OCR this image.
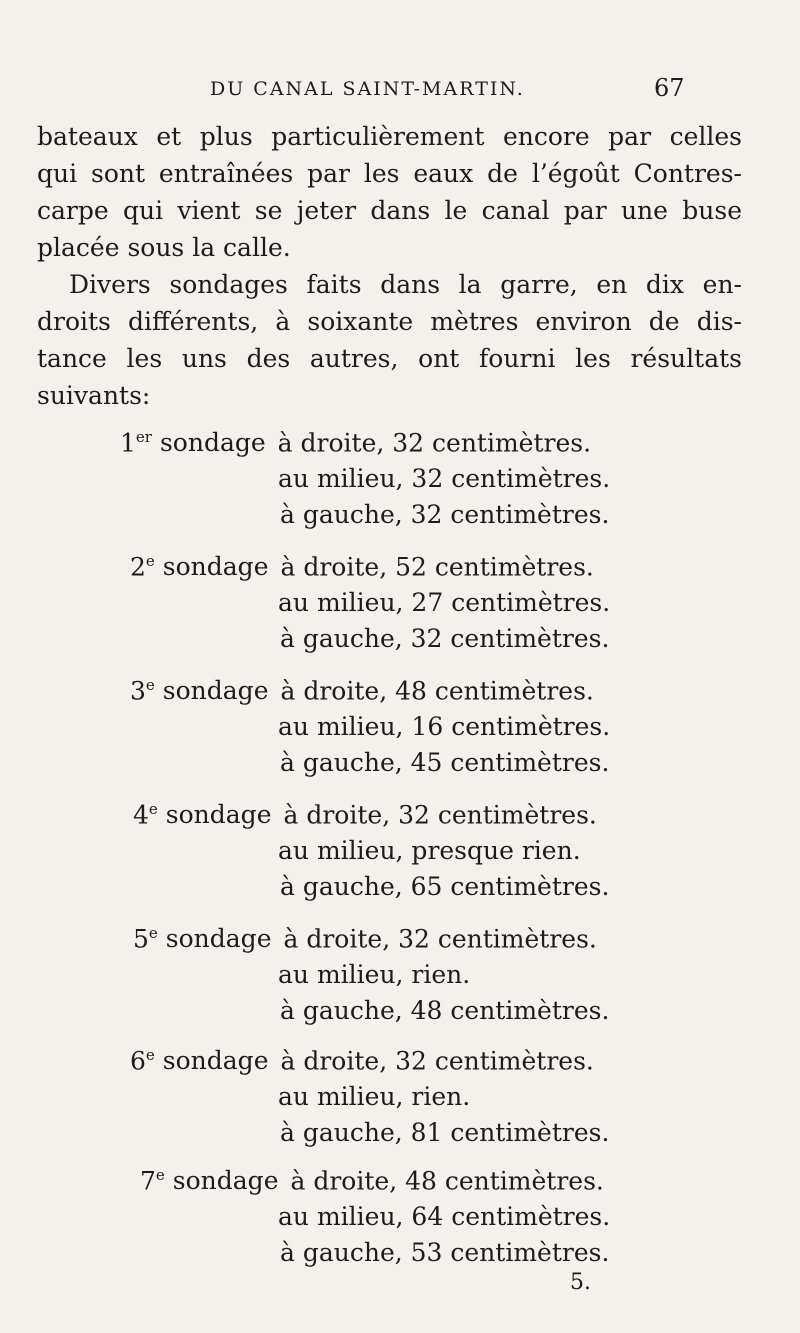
DU CANAL SAINT-MARTIN.	67

bateaux et plus particulièrement encore par celles
qui sont entraînées par les eaux de l’égoût Contres-
carpe qui vient se jeter dans le canal par une buse
placée sous la calle.

Divers sondages faits dans la garre, en dix en-
droits différents, à soixante mètres environ de dis-
tance les uns des autres, ont fourni les résultats
suivants:

1er sondage à droite, 32 centimètres.
au milieu, 32 centimètres.
à gauche, 32 centimètres.
2e sondage à droite, 52 centimètres.
au milieu, 27 centimètres.
à gauche, 32 centimètres.
3e sondage à droite, 48 centimètres.
au milieu, 16 centimètres.
à gauche, 45 centimètres.
4e sondage à droite, 32 centimètres.
au milieu, presque rien.
à gauche, 65 centimètres.
5e sondage à droite, 32 centimètres.
au milieu, rien.
à gauche, 48 centimètres.
6e sondage à droite, 32 centimètres.
au milieu, rien.
à gauche, 81 centimètres.
7e sondage à droite, 48 centimètres.
au milieu, 64 centimètres.
à gauche, 53 centimètres.
5.
